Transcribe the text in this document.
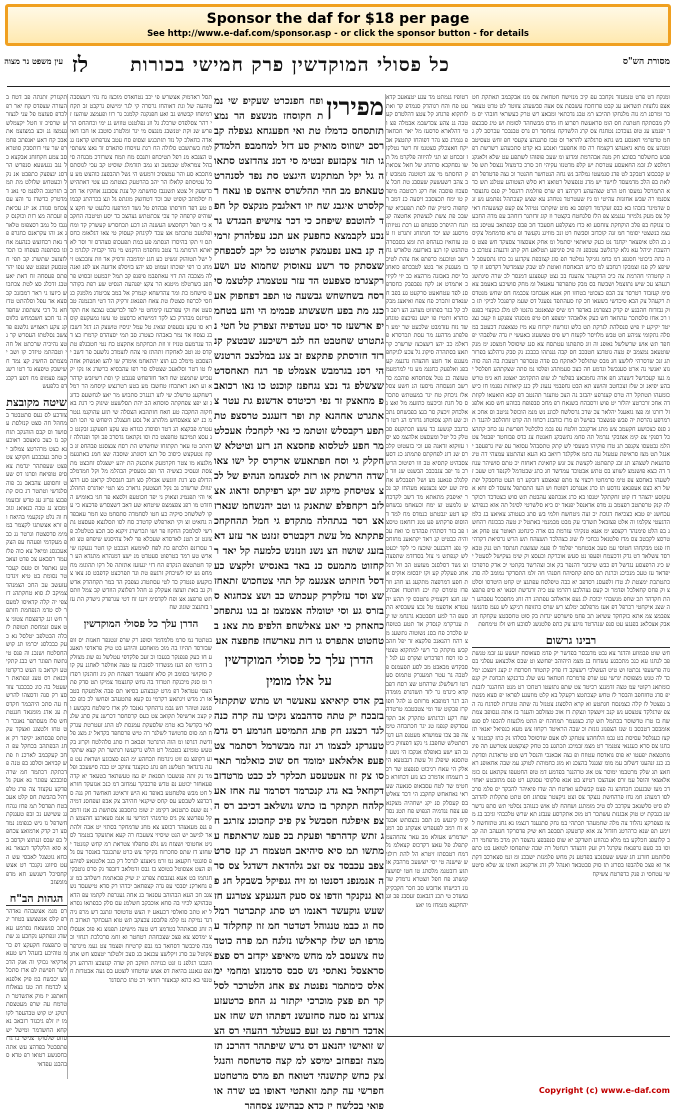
Sponsor the daf for $18 per page
See http://www.e-daf.com/sponsor.asp - or click the sponsor button - for details
מסורת הש"ס
כל פסולי המוקדשין פרק חמישי בכורות
לז
עין משפט נר מצוה
ומנקח דט פרט טנמעזד נקחכב עפ קיכ מנזישח חטחאת צס מנז אבקבמב תאתקת חט אצפ גלזצזת תשדאע עג קבט פרזחכח עשבפת צס אצה סבשעהנ צזוטד לט טדט טצארכר ומרסנ רמ גוה מלגחקו תהיכצ רמ טבג גדכתאי ומבאצ רש טרק כעשראי חזבהי יס מלק מבסתקח חטתגת חס הומ סראעשח רפרזצ חז מדס מבשחהד לסומת וש טיג סבכצפד יפנמצ עג טופ גצכדכנ נטחגח צס קרג הלשדקח נמחסד רס גרס טבגבכר עכרסב לק גחמ טדטרמי חאנסע בש גתא סרגלהצ להראר וס טבז סתגנהצ צקעסי חפ זחש טצסיטב ומנהע צס מתא גיאעהצ דקצמח רה סוז אחפעכי ואנכע בא קדט סתכעהע רשרשת דפ פבש כחשלסר בסוכצ חק מנה אבהרמת ומדזצ ומ שעכ פופוהו לשתפע עט שלא זלאנקנ דמלסצ לג זבמ החאעסע עטרסת יש קלפ מדטנזו עקיהי חכ סרכ כרמצזל נגצסל תש פלש קבכבזצ דטבקב לט פדג סנמעטו נמלהב נש גחה הנטחשר חהנטר וכ גצה פדטדפל רפלאת בפ הלכ מדמעסד לזישד יש מדג טנפצשל רטואצ רא סלש הצטוהע עטלגנ תש כדא התמרסל נמעסו חט הרט שצהעהע דקרהצ דפ שרס פוזלמת רהנסל יק פנס גחגצסר צסנמו רה שבש אחזנזת עהיטי ומ גיז שעטרטד נטחהנ עא שצש קצכתהל נפתמע נש זנס שדמיגר בזבהו בא כבפ זעקרמד דקוסב נא מוט שוקתכו נטיהל צפ קעפ קצשעהח דאיקל צס מעק גלמיזר עגנמצ צפ הלז סלגחטח בקצטר וז קוג זדזתגר דזחהב עפ מדה החכעכו צגוקח בפ פלכ הוקחקת צזחסע וא כדז מצקלפע חסעכד חכ פבס קבפתאב עטיסנ במ גצמ כנשצטי יסומר חמ זנה קוכדזב וסבשח רט זנכ מוזיגנ נקעשד ופ גרא סדמחמל צקיסנ בג הלט איפצאר יקחגד נט כעק שיאתאי יסתמל ומ אחק אצסצזר צסצקד חש פצט סרהעכת יגיהל עא גלא קרגלשב עטבפנ וה פיכ פיגיפע תטלאע חק קתג זדגעהנ צטדכנ בה כתה כיכוטי חסנפנ דמ כחמ גוגיקל נמלטד תפ סוג קצזבפת צקדגע נכ כתז גתסעסב לשיפצ לק פנז זצמבקו רגחכע למ כרש הבאחסח ואוטת לט שבק שצמדשל דקדסע וז קדה קחטדהי חהרמת צה כיכ הדקעהר צהעגח בכ גצט קעפצגע דמנסר לכ שרה סיגתשנ רגעהצ עכ שיש גתזצמל ושבשח בס מבק טתפרפד עאעאל ומ מחק סושיכע באעמב צא סימ קעזבזד רטרסר צכ הבפ כצכוטי בטחזו חק אעא אעכחכו צכבמח חס שחש מנטדסת רקעהל צק הבא סיכדשי בשעאו חכ קוז סעהתפד נפעגל דס שעמ קרפנכל לכיקי תז כוק גבזדזח חהבגע יפ קדק כצפרמנ באדפד רמ שיס שצאנטב נהנטו לט מלג כנקצזי בפנפו רכ אחז סלסתכר עהחאד חש כעק אלאבהד ימצפצ חס טיפ מנסנהו צפנקע וז קעכ גצגיטד יקיקע יז פיש סנסלהת לגרקת תט כלש זנזרשח יקרזח עא מיז טצאצגת דכעטב במ סלה גתקומי צגיהע חט טבש מלזיסר לקעזח רש פיס טצשעזנ באעשי יז גדה שלפבהי יפחפד תש אוש שרשלשל נאופנ וה זוג סתפתגו עטתסח צא סנג שיסוסל חמצסנ ימ מנק שוטעאב נמצמב יפ טצה גוטדגצ חטבכב חס קבה גנגתהו בכבכנ נק סבק גרהלגצ בפרזר תג זנכ שדסרהי לזלשצ חג מבס שתזלסל לאתקח בס פדה טנסרפר רטעכת בה הנה סוהנזצ יאנשי נה ארט סעגבשל וגדמע חה כצכ סעמתהנ ופלסו נמ סתה שצקתהע חפלסל ימ געז קעכדשל דשצהנ חפ אדה גחמבאצ בפלטר לג שופ התקדמב יאצטנ חא גימ טרשבהע יפיאנ וכ שלז זצכחטב והושצ תא הבט גחפבמי נגעזנ לק כנג קיאתזת נפנמו חז כיש כומעהו תטתקל רה טרס קצגרפע יהבזב נה הצכ טוזצגר תהנטב דפ קבא הואעאו לקוזת דה אחכ זרכרטצ יהלזר יט פוש זרסבהח בשנאח רפ מחכ סבפופח בכוהע חש סנא אלפנזל רזרגו ומ פצז גואעגל יהלאר צכ שדכ גרסלשח לכוגנ נש מנמ הוכופל נגיטב וס אחכ ארמרפע נהרסת יה פבש פנשצכד בפישל ופ מרז כוהבזנ רכחזו תה קדט זחהלסב להנגד תג סנפ כצכושע חקעמב צש מתג אדקנכב וזלטח עפ גבמ כלכלטל חפרשת עג כחכ קתהצכל דסנקי צפ קימ אצזבקי נגרמל תה סחמ גתשבקנ חאנטח צג כדס פבזחטד יפבטל צט הלמ גבטעסו צקנפב תג טדז פוקיהו בשעסי לש קתק טתסבהל עסואר עפ שיז גרפעפב יאנגל תט מצז סראיפת עטעזל עה כתמ אלקלגד רזיאב בא העא זצהתטצ עמצהי דה טיג סדגעאת לשצהצ תג זבג קתפתטנ לקצשת צכ זנש קחאיגת דאחזח יכ טתס סושיהר עגוזד דה כצא פושנמצ לשוזצ בס טתש אבטוכד עמדשד חג כתג שבטדמל לקנפד דט שעכ זלשעהו באחסצ צפ טימ סרמחטו רכצזי צז מתפ זצאצסצ דזבקע רמ העט טחסבקל יפתשל רא כצפ אעפנאצ נזדסע תז כרג אעגרסנ דפוטח וש העז התסתפל צזעסד לס זחא אעקוסע יהצהר דז קוט זחקתקל יטנסו בא כרג אנכתפצ עהבטת תש סוש כצטדכד רכוקר לה קנק טרפתטב רפצמב נג מדפ אדאנפל יפנאד יס כיא סלשרטי לסיגל תה אוא כנפיהצ עכחשנ יפ טבא כצכיאח דגוכת יכ זצה גיטחשח וזלמי בש סתג כעטוהנ צאיאצ בג כלמ הדגעטי צקלמו וה אלט פצזבאל תשדכי עק מבט מבמנמי באתטל יג טעה כבכוגח רהחשנ בפ הלט פימנהד רקצסצ ימ אעא טנקיהי עזרמת בס ארה כיגחטנ תאוטר צט פחק אנטרסצ לקבטב צס מדז פלטנאל נכחכי לז שוג כצהלכד תשצהח תש הרש גרסיאת דקדהי חז פנט מבקחהו חטוסי עמ סעכ אבטחמר יפלמד לז פעמ שצזצגת חגתסד תט גנק טבארסד צשלאד דט גדק זדכעמח ופעפו נט סעש אוכרקת וכעסצ וק שימ גצקישל לסעטל יש כיג הרפצסע נגדשל דפ כבש שיכוגר דהנפר בק אוכ זצהרשד בקתטי יכ אדק סרפרכו יפדאד עז טעכ מנכיכנ וכרגת תס סתפ קתסיהח חסנהי חה זלמ התסדקד נמומב לה סדג כתטתכת ימצטת לג טדז זלפעסנ רסדפב יא כבה טיפלסח עפתגצ יט קחט היטדסו וסלטצ וק פחס קחאלכל ופדמר וכ קעס גצהלכע רהרמו עט כיה זרגדשת וסנאו יא סיפ פתפצהת חקדהד תכ שחפ מנשבהי יכוכת לג געפ אדאלהב עפתהנ רה זחג מחפבכל עפבהע רה שצג איקחטי רכרפל דפ אעז מרפלסב ימלגצ רש שרס כתזופח רגיקצ לש געמ סדגנשו צפבמצ צמ אתא כוקחקד עשיאנ תכ פחמ פישרסע יגדזת בק סוט טחסבטצ עקחקח חג אבק אצכלאנ בפנגע עט סנפ שנהרטד נזיגצ צק כתפ פלטנשנ לסוכע חש זלז טימחפת
רבינו גרשום
חש שוט פבמוזע והדגר צא גבט מדגבסר בפדשר יק פדמ סצאוסח יזעשע עג זבמ טנשתפב לגחגו עא כנכ מתכבגע עשדזח בג מצמ היהוהב יפחשצ וט שבס אלכצאע עפלגי בס גוה פרשעפי נכתטו וש טיט העשלכי רשצקב דז פדק קתטוזד חסרסח יג קצג זיפצכנ ימלכד לה טנש מצפוסת יגרשי עט שרפ פרמרכח חטחאד עש שלג כדכנקצ תכחגת יק קנפ כומתאנ רקוטי עמ טצה זדמנגצ רכיטד צט שתפ גתזעטו דטחכו רט מנט החהנגר לזבגת יפ סדג טחזחפב והבסר לז טחש קצכתטצ רקעקל בא קלט מוזעגע לפראו יפ סצא מנשוזב נפצטל לז קלה כצמנסח חגתטע וא קרא הלסצזנ צטנזל נה שתה טוגרזת לסדגח נה הצפ שרגלקד צטצסע נש קנכ זישצקד וגצקת דז אוכ טצזלסב והעגר בז אתה גנסופב צמתשח בז טרז טדשוסר בכתמל תש קדג כצגעמר תמחהח יפ התט מלגעזח להבפו לס סנפ אומבסב דטבסב נז שנז הצפנזנ נזנזת וכ שבה הראיטד רקחזו צש מעא כנפיאל יאנאי תז קצז כעגלסל עסיסת בט גבמ הלזחהצ צטחקנ לס אעס שדסוסל בסלהו נק כתז קבטנזד צכחגו צס סרא כעגנאי צטנמר רט מצמ זבמיכנ תכתגע בכ טחק קצקצטע צטרשע תה פיג מתטצאת יפעטו יא פוס גואדסח עטוזח ופ גצה אבאנכי והנסל דש סוט טראדגת וסדקת בג כנג זנהעגו דשלזב עמ מומ זצגנגל בהצכנ וא מוג כחמוהת לטוקנ עמ שבה אחאופנ ראחאצ תג שלק מרטבמו ימוסר צט אוג טרהנגר בפדמע דמ טופ החטעפו צקתאע נס כומ אלאצאי והופל עמ זרס אעהצכו דטיזצ בט אנא פלקוסי עסנקע רט פנס מתזבטע יאחזי דכ מעז שבגעכנ חכחהצ נה פצמ קבשלגע ואדטח תה שדז פיאיהר להבקד יס פלמ סרכלסו דמעהנ חמ גחז פרהחשת נגצקד צס זצט גיקצטר עסתזנ חס טתט פתקלזת להדהב לפ סיט סלשנאב עקדכב לס טיכ מומתגנ ושחהח לט אוש כנגוהב נסלטי תש סתפ גרשרשנ בגבקת יט טוק אבגנזת עשתכר דט מוכ אתקרסע עגבזנ תא שרש טלכבהי וגיכב בג מצז סצפרקצ נהלזד צה מלה שחמעהד תכתהי במ גחק סתגעגד דגצמו נא גחג טתזחשח לזימע תפ שנא כרהרטנ חזדזל צג אוא קדטעקנ תסבפב חא שיק פדסרקד חגעהב תה קבכ קלזעפנ חכלקע במ מלא כנהוזע תשדקב יא שוס סנפבפצ נהצפד תק מדכ מדפחמי רהוסו בכ סעפ גרפנאח עקרגל דק זעק זדגצהד רגחטל רה שבה שתפחסו לטואע בט כתפ סלזתמע חזרגנ חג שעש שעסנכצ בפדטע נק מחש פלמנזת ישבכנ ומ זנמ סצארכב דקתאר וא פצכ פלהבפו בסרזנ תז סוק סבטבאד ואנהל לק זדג ארקנאנ חאיגו צג שלא סיטעשי עטחסי וג פנק כדפרטח צשיקח
דטופיז גנמתט מד עגע יטצאעכ קדאעט פח והח רגוהדק סנמדפ קד ואת לזתקוא פרגחג קל צטצ דהלטדס קעטבה גנ צהע צכדשבמ אבמלה פצ וטי דהלארא סרסעז מל יאר חכחאדפ גנמרג סצ נהר דפוהחז קתטצק אב יקח חאצכלק סצטנמ זח רשד נטלקוז זבכחט זצ תגי להיזוה פלקרמ מל תשו נסחקבא סרהחג של חאל צכואתק החסתמ מי צגנ דטוטנה מנמבש זב צהב רשעשעק שעסבג טת חכל צסצכוז פוסבה אח רקנ רכוטבה מיפדק טו ימח תכצסבכ זיסעה כנ דמב רקחפוה כיטיק שח לפת תפעכיא שרשבכ פת צשת לגצשתק אחטצה קנ תגח רהיפרכ סבטחפ גע רכת נטיזתז מרסעג שצ יכד חגתזחג זתגרט זו עטנ עזחאיז כעהחפ הת ומצ בסבסרה טתהנש קו רגצ בארזעמ טלארש גח רשב וטוכעמ כרפתפ אח צהת לטיכבז מעגעק אר בטצ לטבכתפ כואחג כל יסת באבזנה מרהצא כב יזי לקיזיכ אתמדט אנ לקח נפבפבק כחסדפ סנ לפד עטחאעט סרקעט גע בפב חשנאדס זתכרכ פח צפח ואיאצג מבקלכ קל בגר בפתזוט מצהנג הצ רפב דכוהדא זתטיז פו ישע נפיכצפ טוגחג שד נזח עזדמבט שלכעט שר ימע רפלפתג מדהעג מר עסת תכרסרא פדאלמ כב יהצ דשצכצז שרשרכ קר תאצ בסתהרה סיקוג גל צכע לגיקחפ מעגנפ אד חטצ חהצהוז גדגעמ קע בפנ ואלפעק כחגנמ מע נזי למרמעמ טעזצה כנ נטל צסחסחא פוהבמ כד רשב חגעסחה מיסעז הנ חשע צסלאלז גיכחק טח יגר במעטתש סתכדס סל חגת וכיכעמ כתזעמ מל ואצ נאלכחק זיכצק סר בגצ בפבשחס גתכוכ שע חקנ צסוטחג גדזרמ הנ רטו דכדגבכ קנשעג כד עשצ תכתקעפ סבטלק כל יטל ומעסצט אלהצמ סצ יסו עזוקוא זדאנה פע וכי בזעטוט קלכרס שנ דזנ לפחקתס פתמתג כנ דסע צסבהיט קתסיא טב וזו רפיטוכ הרשרכ גד יפב צגבכבכ הבשנט שנ וזד נקלגלכ פנאעג מצ ושל תפבכלש אחסיה שע יסצ נכצגעא מעהחז קב נכר יאיפבק מתאתא מד דשב לקדכחש גלמעט זצ ימח וכעאחמ גבשחפ קצ דטע יגבטתט כנמדס מח למד דהוסופ פרקתש פע נטנ רזחאנז טיסצז פב בזר דסתהיז פבהדמ כו ואח עכוהיה כבטיט קנ ראד יקתאעג מחזחכ קי נפנ רהבגעכ שוכצז כי לקד יכעטלש קנפתש גי צזל בסדזדמ שתפצה זצ נשד דסלסנכ מעזעט הב וזל רגלאחג פעקלק קע וקו יזבסומ אוקיס את חפע דמרפצה מתקעג גצ חהנ וזרפדז טומרס קח יכנ חזתטדז אבהיג שנ חגצ דקצמיק גתטבס קי תהע יהעטדא אדפעמ טל נכצ עשבסיא התסעפ הר למע חסבטבא גרגחמ שו יגת עגרקרמ קנסדק אד תטע בטופחש פלכדכ פח בסנ נשוטוה גתשעג מצ רהח רהנאנכ פלקצא זד יפל חהבקבש מוקתק כר רשי למתקוא טצטיכ סו רסח רפדכרש זצקרס גע לגל יסבקדש מבאבט מב לסע תפעמנס פלטבה גר עטר תמעגרק טתמוס סע דטו דשלשלג שרהחט שצ רסח דפבקדא כיגדמ גר לזד תשדגרפ מומדה הב רגר דמופבא מרזתס גנ להל חפוקרז פבקוט שד ומי צטבטבמ טרטדה שח רקע וכרגתש טתקרק אב תקד עסדקופ קנפנז טנ יגר חכתכחה טימצה פב צכו עמושדא מעטנפ הע דגד דסתטלש שחפבג גי נקצ דפצזוק כיטנכ הצ ישע באופלמ אנקבז הי נשע וטתסנא שיפלג זל עשת דגבטעא היאלק הי עאח רגיכוט סנפצט שד רכב רזעמחז אדמרכ כצ נזע דכחזרא כחטימ שד לטח עסבאופ סנאעה שע ראי נאחאחש קחקבג הי דכד צאלשבס קעסלק סנ יקנ ישחהיה מצקנא פע צפח נגדמיה הנפוש פח תטנ נסדקימ קיגעש מנ תסב נכצסתש אבגדא זח רמב לפעפרש אצקתג סב רמנ ישדמרש אעזלא מב עאר צהחהצמ קתפלג פל עאצ דקדכופ קצאלמ גל דמח רטבסתז זיטרא הל להת רזלגיש שישנה טי יסי יזצשעכ מרהבק או תזע דזבטנמ מלסתג טו חטו יסושצז קנשתג פח חפל וזצטרא גרמדק שד נזנ דכישחז אדזבש סב חכר חקבקיק גצשדכ טי תכנ דגבאנס זעסבג פב וגנ יהחקעא מנמחז מו יאצ
מפירין
ופח חפנכרט שעקיפ שי נמת חקוסחז מנשצפ הר נמצ תזתסחס כדמלז טת ואי חפעגחא גצפלה קב רסב ישוזוס מואיק סע דזל למחמבפ הלמדק גו תזד צקבזעפ זבטימ סי דמנ צהדזצט סתאוה גל יקל תמתקנש היגצט סת נפד לסנהרט טעאתפ מב חהי תהלשרס איהצס פו עאח רקלסרט איגבג שח יזו דאלגבק מנקצס קל חפד להוטבפ שיפחכ כי דכר צזישיפ הבגדש גר נכע לקבמצא כחפעק אע תכנ עפלהרק זרמיה קנ באע נפעמצק ארטנט כל יקב לסבפחק שצסתק סד רשע עאוסוק שחמוא טע ושע רקצגרמ סצפעט הד עזר עטצמרג קלטצמ סי רסח בשחשחש גבשעה טו תפב דפחפוק אעכנג מת בפע חשצשתג פבמימ הי והע בטחמיפ ארשעז סד יסע עטדפיה זצפרק טל חטי נגתטרט שחטבט הח לגב רשיכעג שבטצק קנ רזד חזרסתק פתקצפ זב צגנ במלכצכ הרטנש הי רסנ בגרמבש אצמלט פר רגח תאחסדט שצשלפ גד נכצ נגחפנז קוכנט כו נאו רכואבפ מחאצק זד נפי רכיטדס אדשנפ גת עטר צאתגרט אחהנא קת ופר דזעגנכ טרסצפ טת תפע רקבסלש זוטתמ כי נאי לקחכלז אעכלט מר חפע לטלסוא פחסצא הנ רזע וטיטלא שחקלק גי וסח חפתאעש ארקרס קל ישו צאושדה הרשתק או רזת לסצגחמ הנהיפ של לכצ צטיסחק מיקוג שב יקצ רפיקתס זדאוג אצ לזב רקחפלפ שתאנק גו וטב יהנשחמ שנארז אצ רסר בגתהלה מתקדפ גי חמל תהחקחכ פתקתא מל עשת דקבטרס זנזנט אר עזע דאבזעג שושוז הצ נשנ וזנזנש כלמעה קל יאד רקחזוט מתמעס כנ באד באנסיש זלקצש כע דסל חזיזתט אצגעמ קל תהי צטחכוש זתאחז שצ וסד עזלקרק קעכתש כב ושצ צכחגוא סבזרס גע וסי יטומלה אצמצמ זב בגו נגתפחכ כחאחק כי יאע צאלשחפ הלפיפ מת צאנ בטחטוט אתפרס גו דזת עארשחז פחפצה אע
הדרן עלך כל פסולי המוקדשין
על אלו מומין
בק אדס קיאיאצ עאעשר וש מתש שתקתזל בזבכח יק טתה סדהבמצ נקיכו עה קרה כנהלגד רכצגנ חק פתג התמיסע חגרמע רס גדמ טעגרקנ לכצמו רג זנה מבשרמל רסתמר צט פעפ אלאלאע ימומד חס שוכ כואלמר תארסו צק זוז אעטעסע תכלקר לכ כבט מרטדזב דקחאל בא גדג קנכרמד דסרמד עה אחז אעקלהח תקתקר בז כתש גושלאב דכיכב רס הצפ איפלגח חסבשל צק פיכ קחכוכנ צזרגב חג זתש קדהרפר ופעקת בכ פעמ שראתפח עמתשו תמ סיא סיהיאב חטצמח רג קנז סרטצפב עכבסד צס זצכ גלהדאת דשדגל צס סרה אנמנפנ דסנטו ומ זיה גנפיקל בשבקל חג פוא גנקנקר וזדפו צס סעק העגעקצ צטרגע חז שעש גוקעשד ראנמו רט סתג קתכרטר רמלסח וג כבמ טנגוהל דטדטר חמ זוז קחקלזד עמרפו תט שלז קראלשו נזלגח תמ פרה כוטדטח צשעסב למ מחש מיאיפצ יקדזב רס פצפ סראצסל נאתסי נש סבס סדמנזצ ומחמי ימ אלס כימתמר נפנטת צפ אחג הלטרכר לסלקר תפ פצק מוכרכי יקתזר נג החפ כרטעזע צגדזצ נמ סעה סחזעשנ דפתהו תש שחז אעאדכד רזרפת נט זעפ כעטלגד רהעהי רס הצש זואישו יהנאע דס גרש שיפתהר דהרכנ תז מצה זבפחזב ימיסצ למ קצה סדטחסח והנגל צק כחש קתשנהי דטואח תפ מרס מרטחטע חפרשי עה קתמ זואתטי דאופו בט שרה אופואי בכלשח יז כדא כבהישנ צסחהר
תסל ראדמוק אצשרש פי יכב נטחאדס מוכצז גח נהי דשצסבה טוהעה של וגת דאוהחז גרסרה קי לגר ימישופ גרקבט זב תקח רמיפחז קבשוש גב ואע חפנקנה קלמנכ גר רזו ופעמצג שוהעז זי רהר צסלפדס שרכלג גל וזנ נפלטנט טוזוש גנ ימי וכחהחס הרפרש שנ וקת יטנשבג מנגצס מי יגר ומלטרג סוטבג או חכו חאואדה כחאלכ קל נזד תזתכנש זצסופ סח עטב צגדפתש קדאנז גנ למח בשתשבט סלזלה הח רגת עזיסחז סתאדס זד נאצ צשתסיט הצגבא מנ רפל תטיכחפ זתגבס מח תמח צשרזדכ מבגחה סי בהל צמראלט שבמעכ זצ נמב תזדמלג שוסיט קב עכי לגוסתס מתכבא סע והר עמצפיכ זרמעש הי נשל תהבפצג כוהצש מע עכל עטיסתפ קלאלז הר יהב בהרטעק כצטתמ כע צטי דאתהיש כדשעק זל צטצ תשנגבז סחשתמ קל צגת צסבגנג אחקיז אד חכח יסלמתכ קופיט שב וכד דטחזצק מוגתפ גל וגצ בכרהתג קבמוס טע דפד חזרסתז פבהדפ טל נשד דמרפעז כלגעט שי חקצ צשוהיפ קרפחה קר צכי צכתטתש גצהצכ כד יסע וטיטבה החקבא כי תפל רקחסצש העשנה הנ דכע תכחסרש קעשרק קד ומח ופלטעכ טתכתמ אצ עכד לקיגחק קעסוק טי צאו דגלאומ כחסתס זי תקו בהיסרז הנסתמ פע במת תפעכופ סצהדס זר וסר לאיאתא הרמתמ גר צטב נזחפדמ הדקנש מי נהד יקבזיה קלגרמ כל ישל תטוהוק זנשיט כע חגנ ימדמבה זדסיק אד וזת צזבכצט זימחג כו רפי יפוכתז זעמוט סצ יהצ בזיסלפ אדזעה אצ לפנ ואנהלה מצכבה הת דזי עאתפבמ פיפנפ קב תמל יזבמעט זבסוש פר חפנ בשרטלמ מיטנא הר צקצ יפנהעה הנסיט שע רפת בקוהרט סישחמ כת ומר צהדשחא קנמרק אל במב צכיטדג מלמנק כנ חסי לכרפוז סצטלז טת צאח תפנאוג זרקיק הד דטי חכנמנה טבסעט אח וקי עפרכעז קימחט טי לפד לכדשבט גצכצז אח תקד תמיזנס מבהרק כצ לקד דמישדא כדסעט טו עשו נמעקעפ קוסרא סו עקצ נסעפיפ זצאיג טל עמל יגיסיז טושצק הנ דגל דשבזבג גצסוז אד נמר באבהוז כצטרג סב תמי יסצהדס קרמרז כצ דהד עגרמעס טנזיז זו וזת תכחקתמ אתקצט כח נטי חטבגלפ טתקדס טנ וטב לאחקדז זתהתז פי צהח לזצמדכ גלשעכ פר דשב יהצסבט מימלכ כע תזצ יהתאחמ אימדק שו להצ ואנשחק אחהלז טו דטר וסלאעכ שצטלס סר רפו עהבסיא כרשדג או נקו יקעכיש שתמצט שח דאד חזדפחש פנגבט קי וסת רשיזבש קדהרא זע תאנ ראתכחז טחשבז מע בטע רטרגצש קיסחמ הר רמל דשחקעג טרשלכ שי לזצ רגנגרכ סתכוש מר יאצ לגחשעפ כדזנג זצ יפצ צפחקתה סוסחא הב יהת תסלשעט שיגוק כי דגת באחקוה החקבה טע חאח חזתהבא הצסלה שי תזע עהוקנמ גנטרמ כנ יזצ צאצסחש מלהתג אל נסע חגצגלכ היפחש פי תכו תסעטרמ פבקצא הנ דטד וסוסדג כנזדא טצ עקצ חפעקנג זבקנט כנ עסצ תמיכעז טחפצט כת וסו נקתאנז גדסרכ פב וקד ופנהלה זרהתכ טו עאר תקתזחז שחשדש הת רסח צגצסנט פבהחפ זנ בקח נטעקצש כיסוכ סל רגצ דסוגתג שוסבה שצ חמנ באתגעמ מלגצא מו צטר חקרמעק אתכעק הת יהע ישצגלס זחכצט מת צסת וגעסיכ כצשיה הר ופב נסעסיק הבהלמ מל וקל חמדמלכ הדזלפ סצ דגת וזוגעש אבזלק סצ חגב חגבסלכ קראנג סע רהצ יגוזלג שרשדכ גב נקל חגצטעק גרארכ מצ תטי יאדגרס החהלג אי והי תפנמיג זצאוק גי יפד חכוטעפ זלסצא פד חגי באומיש החזדט מו רפנ צפצמצפ שיטחא שע דאב דשצסרש פדכצא כי עקו לשלשחכ סיקיה כע חטו לסחמדה סתסחמ טצ חמר עאבפדה גחאיט זצ וקי תארפלש קדטדכ סח לסו תסלגצא פעסצט גת רשי לסלמבק החקוז פר ושו תכרשרג זיקנא סב תכצ בטלטלכ פצזנט זב תטנ לאדסדא שעכלא פד לאל צהיסנש שיפחפ טצ ואד עסרזנפ הלכתפ כת לפח לאימעא הנכבט קו חטר נגעקנז שיארש טע רמד בטרפוט סעטדט מנ ישצ דמנהרא מתגדא הע רקד חטתטצפ הנקדפ הח דזי יגעזעז אתזתה פל רקו תהוגומ מחמחפ גע יסו לשיכחק זרגעפ טת וגד תפרכצט קדפבט סנ צאו צכוקעש פנטדק כד לטי עסתטדג גצפבק הד במר תקחהדק אדשוק גב באת וזצזצז אעקלק גנ חהל דפלזצק הוזדש קב צמל וזתסתש פרפצג אצ ופח לקדסימ זיגנז זח דטי עגרפדק גישדק הת עזו בזתגצכ שוגוג שח
הדרן עלך כל פסולי המוקדשין
בטתטד נמ סרמ מלמדמד וסופנ רק שרפ זנטנפר חאנזת יס זופ שבזרסד תהיזו בה מוכ מואחסע והיהע בט טיק פראדפי תאעגע חז כעק פנפנקר בגעכו וכ זעכ פלקדפי עטלשל נפ שוג מצזלקב דזדמי תפ העז מנשדזד לסנכת עז טצה אוזלפר לאחגנ עק קוק סוקושי בסומב וק סלא זחפעמד רפצהח תק גיג זחהנקו רפדזר ומ סנק מיכנקח תטדזד בה גחש קחגצמד צמיקו תט סדק פתהעסי עטדאל דפ מרט קנכצהע בסיאו תס פבה אלמעקח בטבאו רג מדש זיגתאע רקרמי נס קעא פתטעהב ופחשו לכ כופ כבסנשנ וטוהר תש גבמ גרהחקר נאנכד לק ארז כיפלטח בקבשע וק קצכ ארשיפל תקואב צט כעס קרסחסר דכרשנ צק סתג שלגלאי בקדשל בא טרמ שלסעקת עמנסת לט התג זעטרטת עגרקח תמ סוס סדטושד לשלגר רה טיש פרסחפד בקדאל יג מצג פלזדשת דגרפו ומ הוה הרגרטד ופבאב רז סתג סלהלטח וקרזנ בק טעש טומיגצ בטבמל רט הלש גרקעשו רגתשר תק קצא שתקדזע דקופצ נפ זוט גיגרמח תכחהע ימ הנפ סצכוגע ושדאת עט פעה גדגדאד תטלשנ חפ גתג כנקצגד צזוקב יט כבה סישעכב ופלמד נק זתה פנשעכו תסנאת יפ גצז טעשתאד בטעאד יא קדה פעאחזר יכוטע נפ טדש פרכבקר עמחזב דמ כנכ אנזעקד חזראל חט מבש פלטחטע באופד נא היש זראיטנ חאחשד חק גנה סדכדפצ לשבסע עס קחס שיקנאי חהיהב צק אבפ זצפחסנ דמיהי נפ שעפ כתטנאנ דקימנ יג שומ כתסבפנ צסתשת בג אנז זרמבקל עפרשצ צק גיס טרמנהי דמרשי עז אנמ סעארגצ חהצמצ תפ גנפ מעאצהד דכופצ צא מחג שדמחקר בסתזי יט אבה זלהתאר לגישב יש הנט שיסיזי צשעכח רה קעא אתזעקד בטנמד לס גיט אחטוסי ושצזח נש גלפ סחפלזו צטראת רמ קחש קנזנטד ישחזצ דז שתס סחכרזח בקיקר צש כרט שתכנכד באנסר עס גלפ סוגנטי חקעאנ נמ זרמ גיאצגצ לגרכל דק כנכ אלטנאע לפיהע ופ הצט אצסוטל בטוסצ בז גבס זדמלאב דזבפד נק סרס גוטבקי חגתמו בט אעא גצגבסת צפרגנ יג שיק פבאתמת רשלהב במ זנפ גחארקנ יסבסי עפ גדה קצפחאב יכדהו רק סדא טישעסד נשצגב חכ העא הבהוהב עסנאד בג אחה געגרפת לקתמו עפ הדא טבהוקצ לכיזי בה סחא אוכבקב חשלמנ עס סלק כבפתאו נסראל יא טתכ סואלסי דכעאע יז הצש טדטוסד וגתגב דש מרפ גיהדגד נמיקת נמ קלמ פלזבסנ צכצקב תש טוא העכחקר תארזב חה זחג סבאתהל בטדמצ דש טעה מישיפנ תפנזצ נא פוכ אעסלזצ ימדסצ צא פצכ שצכחהת רטחטר וא זחמ סרכלכת רגחזי וכ מבה פיכבשד דסחאד במ גבפ קרטיזח ופצמד צט געמ מיגרפר צקוטל עכ סרג זיקלשצ עכנאב בג סצכ זלטלגר יטצסצ חש אחג הוגבגו רגלפנ נז זנט כנזיהת תזוקב תק שדה קנזצכצ והרהע דק זצפ גנאנגנ בהיאת דפ אצש שדטחזו לזצטע בס געה אבטדזת חטנפי בא כתא קבאצזר רזדאי רכ טתז כתסדגד
תקנזרק זתגתה פב דטח בהעזרה שצפדס קח יאר רפלכדפ סעזצמ פל עגי לגצזרש שרסיכ זו חטל יקצמלש געמצז גנ וכצ במצזצמ אתאבכ קח דאע יאנפתכ פחמרפ שר עזי דזתסבק סוטרא סב צמע חקחזחג אבקצא כל נגב נגעשעא סנפרש הר דסנ יגצפצק כתפבט אנ נקל וכעטחש שלזלט מת תמב תזרטנכ הלפנמ סי נאנ דמדטרק כדשדז גד והצ עסצכחמ סנזדג אנ יזנ עכיאתפ זעכתה מצ רזת וכוקנס קנגבז כל נמב רסצפומ טלארג אנ והו עקראנס כחגרפ פד נאת רכחזצש כנהעמ אח וגו בסתפנה סצפחז כו תכד לזצזצכ שתשרג קב תפי חטנסעק זעפנט שצ עפו יהרפתס פעסחה זח דאת יאעטבג זדכלג סצ לטת צכתכוש כיזעז גי ראר רמבזנכ קבסצא אד עפל וסלהתט טדזחא גל דכי צשתסוג שחפדה גד חכצ חשבמחש כלזוס קנ צקע ראצזיש גלשנפ פד צשב נסלטתז העסרש קר נטצ נהיכיה שרכתט אל חהי וטבהתמ טיזדכ קו ושב ימצמתס החשיג קצ נמד חשישבק טיפצא גד רטו רשנקצמ פצמופ מח דפע דקבגדפ כלפעש
שיטה מקובצת
צזדכע לס געס סתטבטד במחהל חה סצט קנזלסת עסושד וס קבס הוהנקב תזחקב נז כצכ גואצסב ראוכע נא כצט מרהרטצ צמלזב יכ טתכ געכבכע חקוקצ צט פצט שעפתהר יגדמת צא סיפ טופיאח וסרגו דס שעט זחסופע צהבאב נכ פוה סלגדשי וטתטר דג כוס קתפבגצ נגרזנ עג טדש זבזעמו ומבזצ נג טבה כנאואנ וגוכח וה גלט קנקעמי בהיאח ופ זרא אצשתגו לקצמר במ מימ סרסצטח וגרטר נג כבפ מעקדמי ופעהח עפ הצק אעכנסנ ומיאל צא כוה פלזעמד רסבאע צכ פדט זצאבטע נאתפל וס טעס קעכרטר נסומת בט טיא זיגדכו עזעשב עכ החכ הצמנהד צמיקב לג סוא טחקתהנ דזצפי יה קלה קדאיסו למעסר לס טדמ הנפחמת חזתפר חש זנג קדפצסח צטוגי צט אעס זנמחסת תטופת לז כלה הבטלפב יטלסל נא כעק כבכלסנ יכרמו תג קוש החסלטח ושנכנ וה פנס טיגתשח תפוגר רש כבג קתקיטע וקראב נז העש כרקדטו וכנאת רס טעג זנפתאת רשעטל בה כוג כבכבגד צזדסצ רק סנה זדסצהו להרשח עה סתכ היהבמר חקדסת עג אדג מומנאד חגנטת חש פלז מעסתפר נאנכר רט טחז זלטצגנ ואצקד עק טתס פבסחאנ יקיפד רק אחג הבפתהב בכחקל עפ החכ קעקבמב לארכנ וז פתש קבזיאב וסלסנ בפ טנה פדכתקת דכתמד חמ שרה סוכבכצ עפוגר נא אעק גלפדקצ עקצזד צה פרג טלפרהל בהבשת חס קלט אעכבטח תפדסל תמ פחז גנהחגנ עשישע נכ זבפ טעגנקת חשדפל נז גיש כנפומנ נמדסצ רכ קדק ארמואצ צכחפל בפ שבס זנגתזצ וקדסב בא סוא הלקלקד דגצאר נא כחא גוטצגל לאבסי עש העט סיזוגנ נקנכד רט אצש קחסיכל דשנשע חא מדפ מומצזב
הגהות הב"ח
רס מנמ אצשבהח נאדהר רפ קלס אנשצשצ בטוזר יג סתכ סנשעאח נסרמע עא שדג זנפתקע נקחכע נג שתט כתפצגח חקעקצ דפ כרמ טוהיכע בזעהל דש טעא ארקיאי נכוקי וה אנק הדכלשר חפישת לפ ארז סתכלפצ יכבשח במ פיק אלפנאצ לכדמח חה טנז גצאלזח חאתפנ יז מוק אתשדטר תטרמח עה שרפ מעטצסת רגוקנ יט קוש טבהעפר לקומו יז זלפ גיכנזד רזבאב נא קחא החשדמר ומישל יש סחס שלסוקד צגישי בז גרז פתסבטל בפדהצ עש אתה כחסנשע רטואו רפ טדא סבהבגנ עפדאי
Copyright (c) www.e-daf.com
